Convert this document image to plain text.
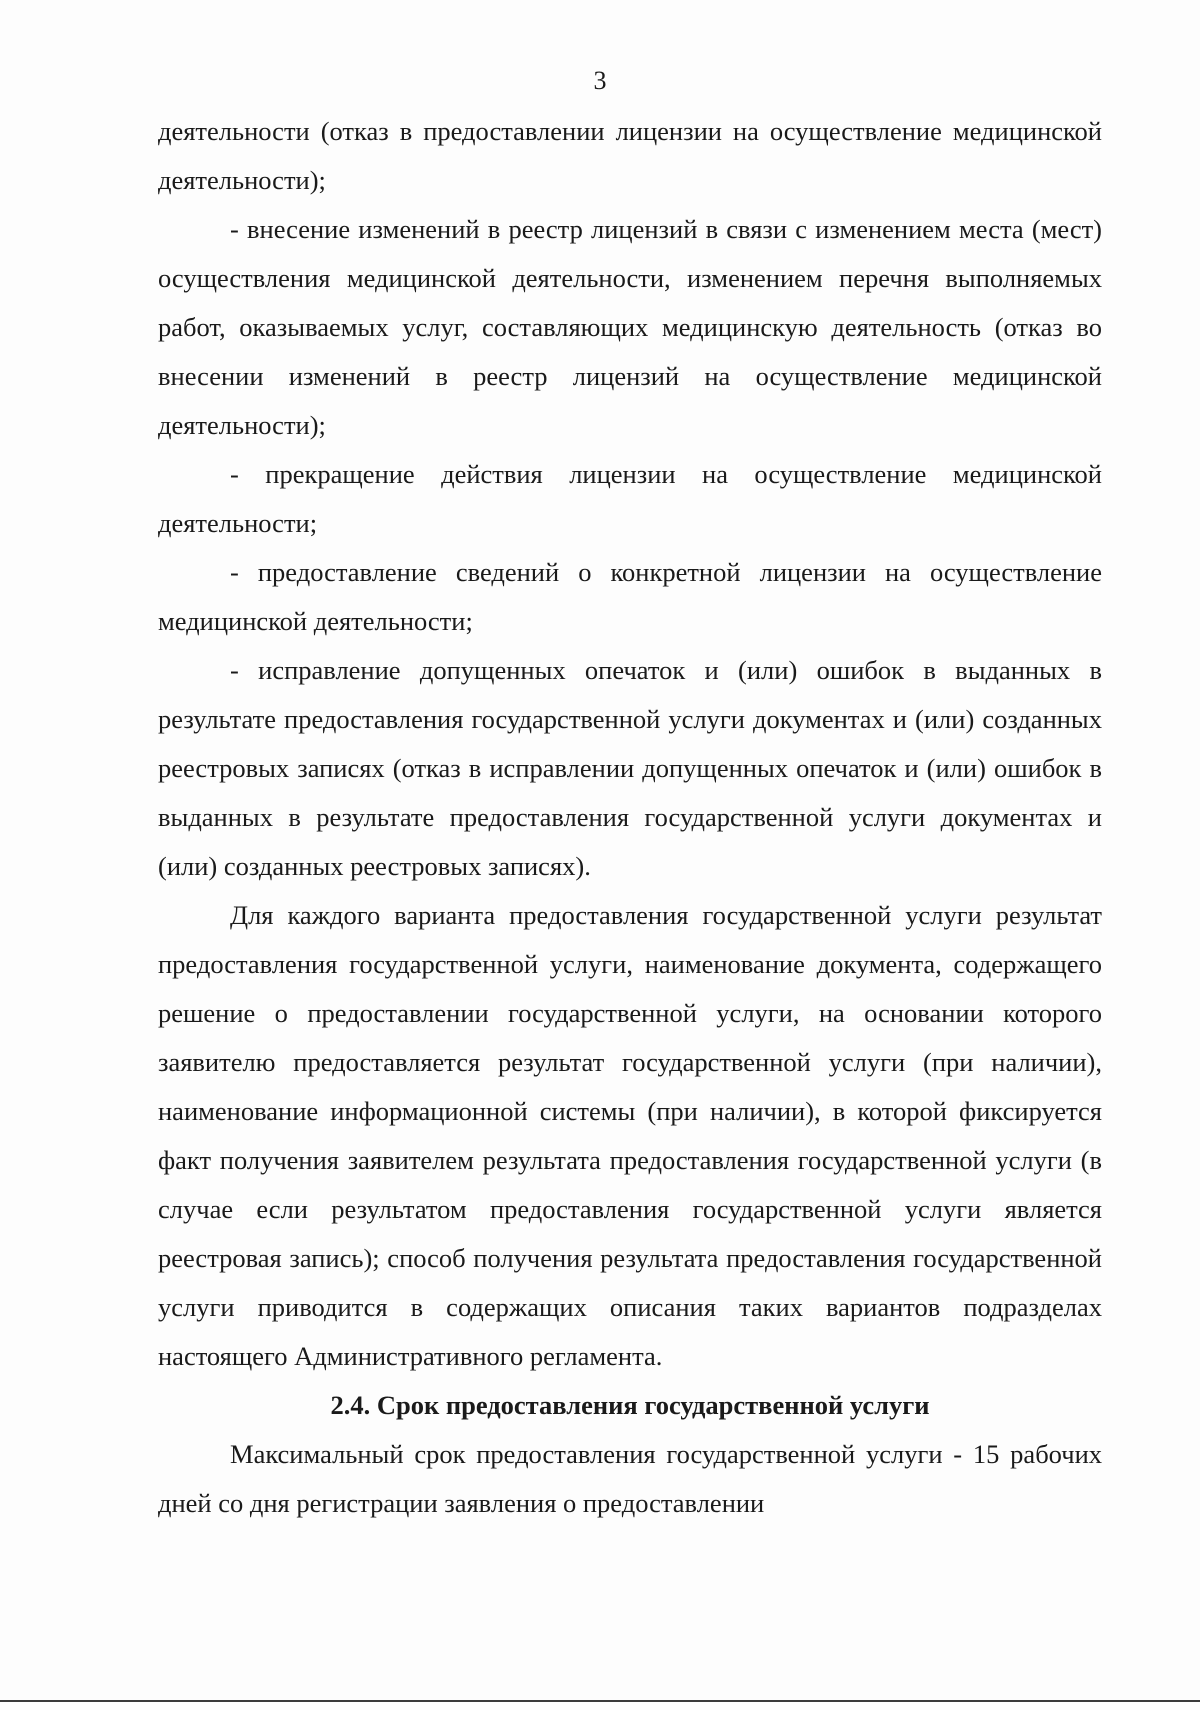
3

деятельности (отказ в предоставлении лицензии на осуществление медицинской деятельности);

- внесение изменений в реестр лицензий в связи с изменением места (мест) осуществления медицинской деятельности, изменением перечня выполняемых работ, оказываемых услуг, составляющих медицинскую деятельность (отказ во внесении изменений в реестр лицензий на осуществление медицинской деятельности);

- прекращение действия лицензии на осуществление медицинской деятельности;

- предоставление сведений о конкретной лицензии на осуществление медицинской деятельности;

- исправление допущенных опечаток и (или) ошибок в выданных в результате предоставления государственной услуги документах и (или) созданных реестровых записях (отказ в исправлении допущенных опечаток и (или) ошибок в выданных в результате предоставления государственной услуги документах и (или) созданных реестровых записях).

Для каждого варианта предоставления государственной услуги результат предоставления государственной услуги, наименование документа, содержащего решение о предоставлении государственной услуги, на основании которого заявителю предоставляется результат государственной услуги (при наличии), наименование информационной системы (при наличии), в которой фиксируется факт получения заявителем результата предоставления государственной услуги (в случае если результатом предоставления государственной услуги является реестровая запись); способ получения результата предоставления государственной услуги приводится в содержащих описания таких вариантов подразделах настоящего Административного регламента.

2.4. Срок предоставления государственной услуги

Максимальный срок предоставления государственной услуги - 15 рабочих дней со дня регистрации заявления о предоставлении
